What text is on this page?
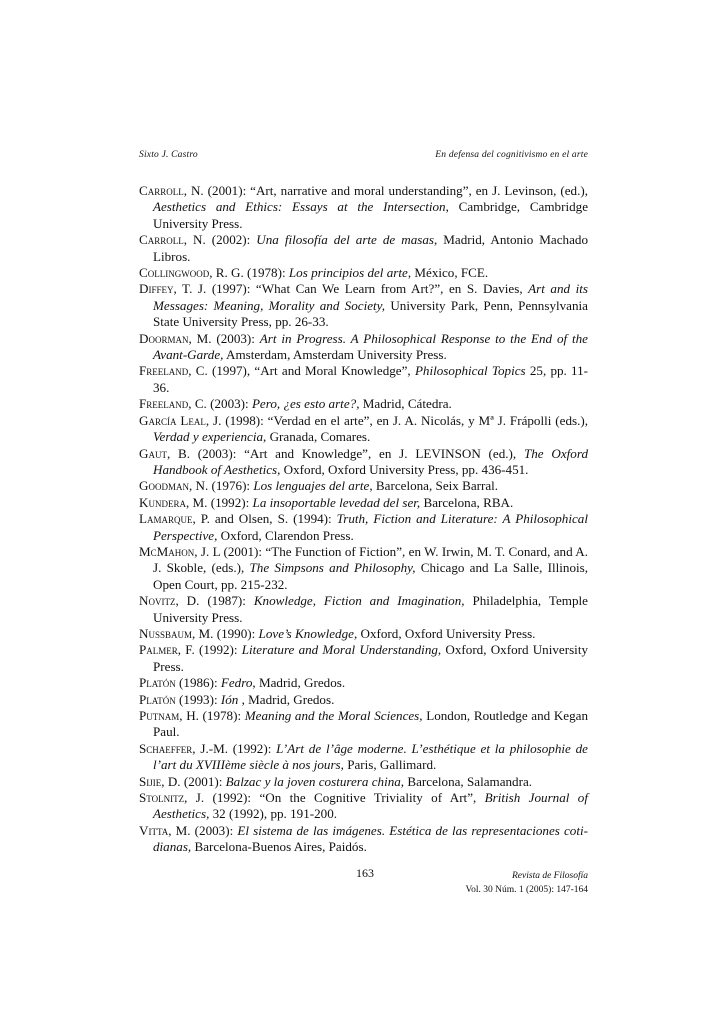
Sixto J. Castro	En defensa del cognitivismo en el arte

Carroll, N. (2001): “Art, narrative and moral understanding”, en J. Levinson, (ed.), Aesthetics and Ethics: Essays at the Intersection, Cambridge, Cambridge University Press.

Carroll, N. (2002): Una filosofía del arte de masas, Madrid, Antonio Machado Libros.

Collingwood, R. G. (1978): Los principios del arte, México, FCE.

Diffey, T. J. (1997): “What Can We Learn from Art?”, en S. Davies, Art and its Messages: Meaning, Morality and Society, University Park, Penn, Pennsylvania State University Press, pp. 26-33.

Doorman, M. (2003): Art in Progress. A Philosophical Response to the End of the Avant-Garde, Amsterdam, Amsterdam University Press.

Freeland, C. (1997), “Art and Moral Knowledge”, Philosophical Topics 25, pp. 11-36.

Freeland, C. (2003): Pero, ¿es esto arte?, Madrid, Cátedra.

García Leal, J. (1998): “Verdad en el arte”, en J. A. Nicolás, y Mª J. Frápolli (eds.), Verdad y experiencia, Granada, Comares.

Gaut, B. (2003): “Art and Knowledge”, en J. LEVINSON (ed.), The Oxford Handbook of Aesthetics, Oxford, Oxford University Press, pp. 436-451.

Goodman, N. (1976): Los lenguajes del arte, Barcelona, Seix Barral.

Kundera, M. (1992): La insoportable levedad del ser, Barcelona, RBA.

Lamarque, P. and Olsen, S. (1994): Truth, Fiction and Literature: A Philosophical Perspective, Oxford, Clarendon Press.

McMahon, J. L (2001): “The Function of Fiction”, en W. Irwin, M. T. Conard, and A. J. Skoble, (eds.), The Simpsons and Philosophy, Chicago and La Salle, Illinois, Open Court, pp. 215-232.

Novitz, D. (1987): Knowledge, Fiction and Imagination, Philadelphia, Temple University Press.

Nussbaum, M. (1990): Love’s Knowledge, Oxford, Oxford University Press.

Palmer, F. (1992): Literature and Moral Understanding, Oxford, Oxford University Press.

Platón (1986): Fedro, Madrid, Gredos.

Platón (1993): Ión , Madrid, Gredos.

Putnam, H. (1978): Meaning and the Moral Sciences, London, Routledge and Kegan Paul.

Schaeffer, J.-M. (1992): L’Art de l’âge moderne. L’esthétique et la philosophie de l’art du XVIIIème siècle à nos jours, Paris, Gallimard.

Sijie, D. (2001): Balzac y la joven costurera china, Barcelona, Salamandra.

Stolnitz, J. (1992): “On the Cognitive Triviality of Art”, British Journal of Aesthetics, 32 (1992), pp. 191-200.

Vitta, M. (2003): El sistema de las imágenes. Estética de las representaciones coti-dianas, Barcelona-Buenos Aires, Paidós.

163	Revista de Filosofía
Vol. 30 Núm. 1 (2005): 147-164
